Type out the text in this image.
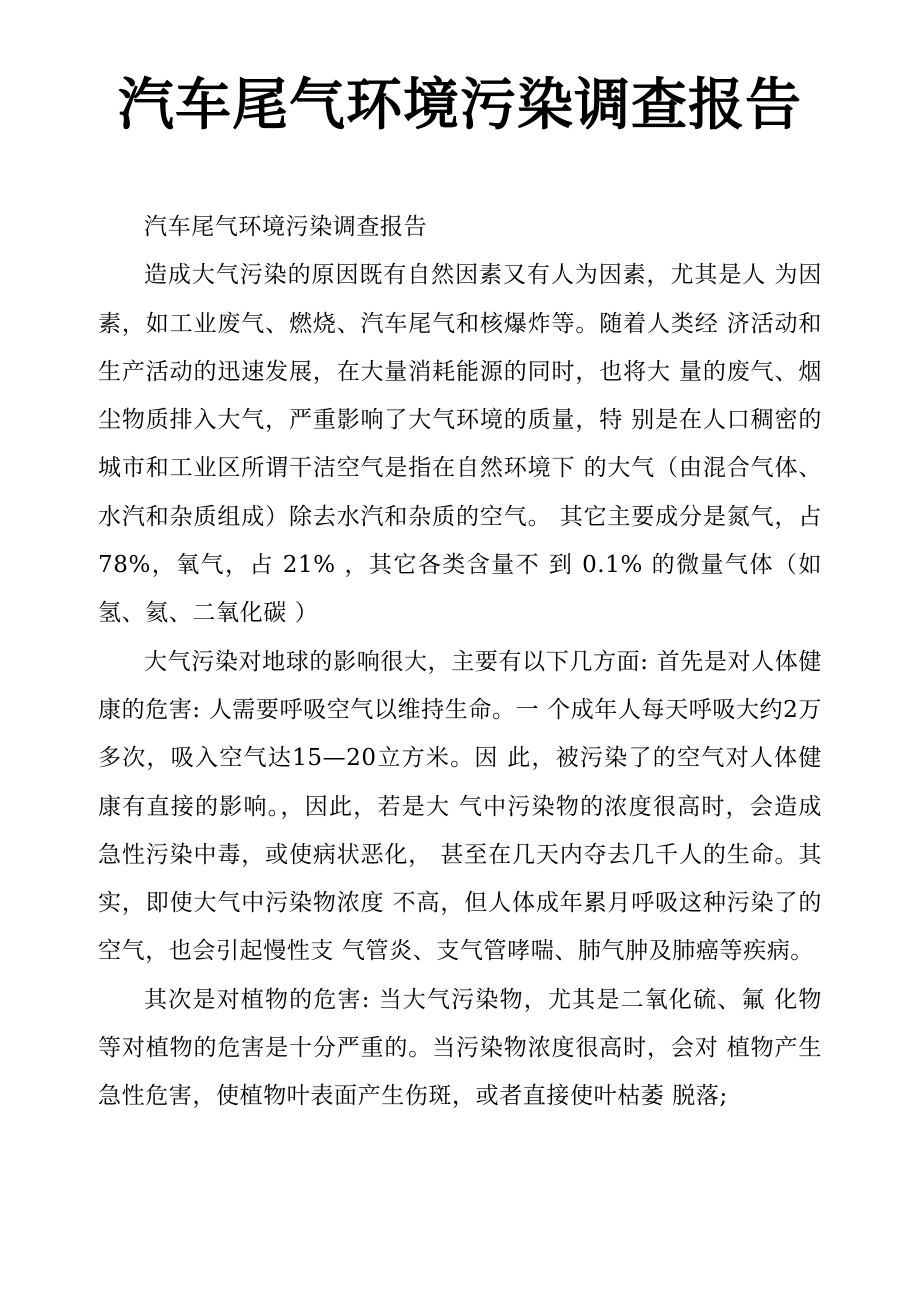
汽车尾气环境污染调查报告

汽车尾气环境污染调查报告

造成大气污染的原因既有自然因素又有人为因素，尤其是人 为因素，如工业废气、燃烧、汽车尾气和核爆炸等。随着人类经 济活动和生产活动的迅速发展，在大量消耗能源的同时，也将大 量的废气、烟尘物质排入大气，严重影响了大气环境的质量，特 别是在人口稠密的城市和工业区所谓干洁空气是指在自然环境下 的大气（由混合气体、水汽和杂质组成）除去水汽和杂质的空气。 其它主要成分是氮气，占 78%，氧气，占 21% ，其它各类含量不 到 0.1% 的微量气体（如氢、氦、二氧化碳 ）

大气污染对地球的影响很大，主要有以下几方面: 首先是对人体健康的危害: 人需要呼吸空气以维持生命。一 个成年人每天呼吸大约2万多次，吸入空气达15—20立方米。因 此，被污染了的空气对人体健康有直接的影响。，因此，若是大 气中污染物的浓度很高时，会造成急性污染中毒，或使病状恶化， 甚至在几天内夺去几千人的生命。其实，即使大气中污染物浓度 不高，但人体成年累月呼吸这种污染了的空气，也会引起慢性支 气管炎、支气管哮喘、肺气肿及肺癌等疾病。

其次是对植物的危害: 当大气污染物，尤其是二氧化硫、氟 化物等对植物的危害是十分严重的。当污染物浓度很高时，会对 植物产生急性危害，使植物叶表面产生伤斑，或者直接使叶枯萎 脱落;
